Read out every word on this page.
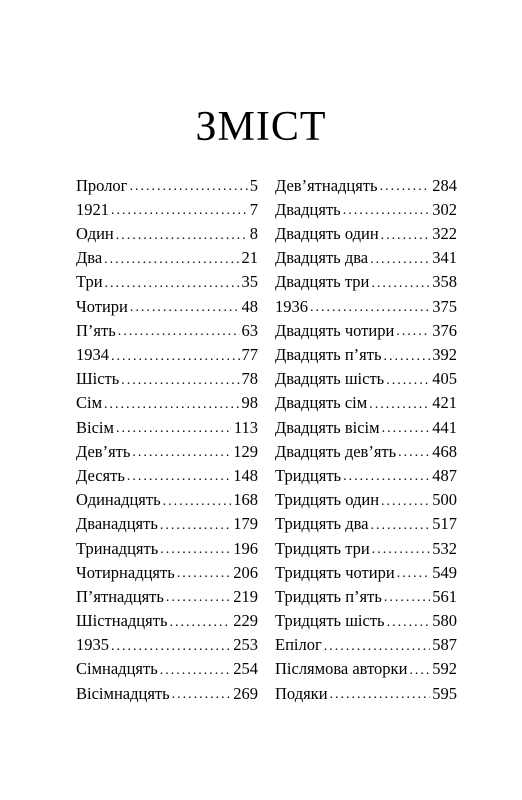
ЗМІСТ
Пролог .....	5
1921 .....	7
Один .....	8
Два .....	21
Три .....	35
Чотири .....	48
П’ять .....	63
1934 .....	77
Шість .....	78
Сім .....	98
Вісім .....	113
Дев’ять .....	129
Десять .....	148
Одинадцять .....	168
Дванадцять .....	179
Тринадцять .....	196
Чотирнадцять .....	206
П’ятнадцять .....	219
Шістнадцять .....	229
1935 .....	253
Сімнадцять .....	254
Вісімнадцять .....	269
Дев’ятнадцять .....	284
Двадцять .....	302
Двадцять один .....	322
Двадцять два .....	341
Двадцять три .....	358
1936 .....	375
Двадцять чотири ..... 376
Двадцять п’ять .....	392
Двадцять шість .....	405
Двадцять сім .....	421
Двадцять вісім .....	441
Двадцять дев’ять ..... 468
Тридцять .....	487
Тридцять один .....	500
Тридцять два .....	517
Тридцять три .....	532
Тридцять чотири ..... 549
Тридцять п’ять .....	561
Тридцять шість .....	580
Епілог .....	587
Післямова авторки ..... 592
Подяки .....	595
